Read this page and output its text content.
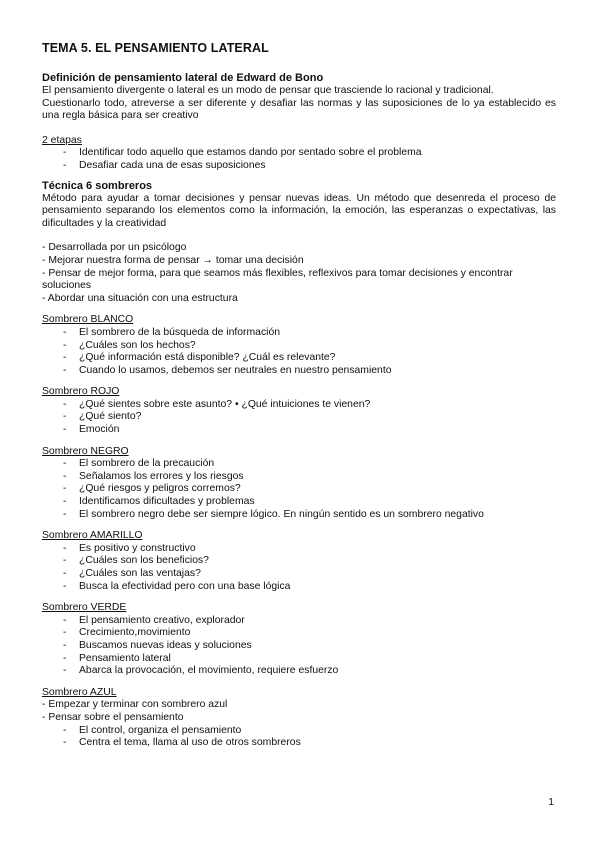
TEMA 5. EL PENSAMIENTO LATERAL
Definición de pensamiento lateral de Edward de Bono

El pensamiento divergente o lateral es un modo de pensar que trasciende lo racional y tradicional.

Cuestionarlo todo, atreverse a ser diferente y desafiar las normas y las suposiciones de lo ya establecido es una regla básica para ser creativo

2 etapas
- Identificar todo aquello que estamos dando por sentado sobre el problema
- Desafiar cada una de esas suposiciones
Técnica 6 sombreros

Método para ayudar a tomar decisiones y pensar nuevas ideas. Un método que desenreda el proceso de pensamiento separando los elementos como la información, la emoción, las esperanzas o expectativas, las dificultades y la creatividad

- Desarrollada por un psicólogo

- Mejorar nuestra forma de pensar → tomar una decisión

- Pensar de mejor forma, para que seamos más flexibles, reflexivos para tomar decisiones y encontrar soluciones

- Abordar una situación con una estructura

Sombrero BLANCO
- El sombrero de la búsqueda de información
- ¿Cuáles son los hechos?
- ¿Qué información está disponible? ¿Cuál es relevante?
- Cuando lo usamos, debemos ser neutrales en nuestro pensamiento
Sombrero ROJO
- ¿Qué sientes sobre este asunto? • ¿Qué intuiciones te vienen?
- ¿Qué siento?
- Emoción
Sombrero NEGRO
- El sombrero de la precaución
- Señalamos los errores y los riesgos
- ¿Qué riesgos y peligros corremos?
- Identificamos dificultades y problemas
- El sombrero negro debe ser siempre lógico. En ningún sentido es un sombrero negativo
Sombrero AMARILLO
- Es positivo y constructivo
- ¿Cuáles son los beneficios?
- ¿Cuáles son las ventajas?
- Busca la efectividad pero con una base lógica
Sombrero VERDE
- El pensamiento creativo, explorador
- Crecimiento,movimiento
- Buscamos nuevas ideas y soluciones
- Pensamiento lateral
- Abarca la provocación, el movimiento, requiere esfuerzo
Sombrero AZUL

- Empezar y terminar con sombrero azul

- Pensar sobre el pensamiento

- El control, organiza el pensamiento
- Centra el tema, llama al uso de otros sombreros
1
